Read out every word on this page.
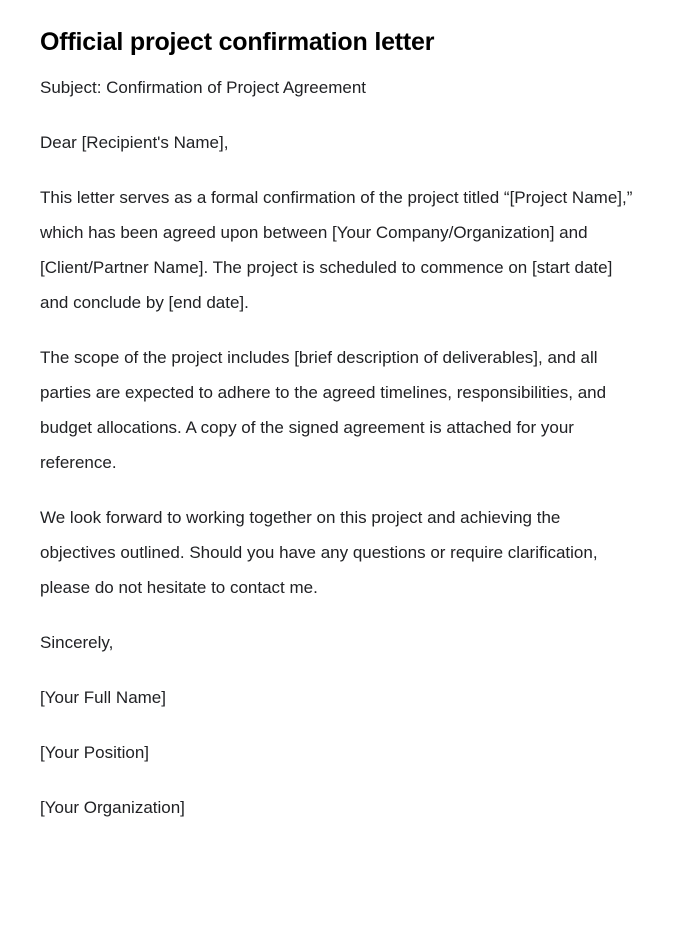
Official project confirmation letter

Subject: Confirmation of Project Agreement

Dear [Recipient's Name],

This letter serves as a formal confirmation of the project titled “[Project Name],” which has been agreed upon between [Your Company/Organization] and [Client/Partner Name]. The project is scheduled to commence on [start date] and conclude by [end date].

The scope of the project includes [brief description of deliverables], and all parties are expected to adhere to the agreed timelines, responsibilities, and budget allocations. A copy of the signed agreement is attached for your reference.

We look forward to working together on this project and achieving the objectives outlined. Should you have any questions or require clarification, please do not hesitate to contact me.

Sincerely,

[Your Full Name]

[Your Position]

[Your Organization]
